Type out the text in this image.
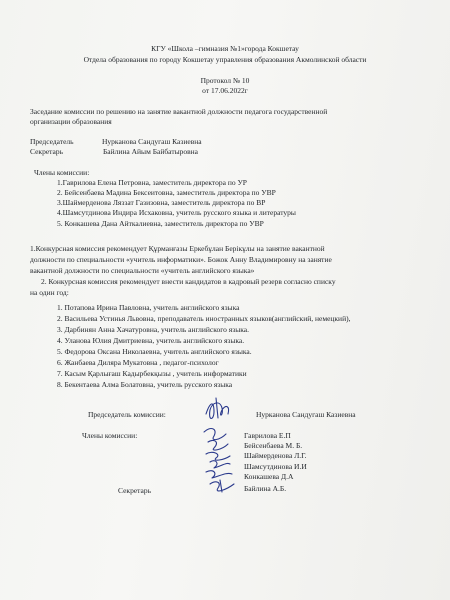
КГУ «Школа –гимназия №1»города Кокшетау
Отдела образования по городу Кокшетау управления образования Акмолинской области
Протокол № 10
от 17.06.2022г
Заседание комиссии по решению на занятие вакантной должности педагога государственной
организации образования
Председатель	Нурканова Сандугаш Казиевна
Секретарь	Байлина Айым Байбатыровна
Члены комиссии:
1.Гаврилова Елена Петровна, заместитель директора по УР
2. Бейсенбаева Мадина Бексеитовна, заместитель директора по УВР
3.Шаймерденова Ляззат Газизовна, заместитель директора по ВР
4.Шамсутдинова Индира Исхаковна, учитель русского языка и литературы
5. Конкашева Дана Айткалиевна, заместитель директора по УВР
1.Конкурсная комиссия рекомендует Құрманғазы Еркебұлан Берікұлы на занятие вакантной
должности по специальности «учитель информатики». Божок Анну Владимировну на занятие
вакантной должности по специальности «учитель английского языка»
2. Конкурсная комиссия рекомендует внести кандидатов в кадровый резерв согласно списку
на один год:
1. Потапова Ирина Павловна, учитель английского языка
2. Васильева Устинья Львовна, преподаватель иностранных языков(английский, немецкий),
3. Дарбинян Анна Хачатуровна, учитель английского языка.
4. Уланова Юлия Дмитриевна, учитель английского языка.
5. Федорова Оксана Николаевна, учитель английского языка.
6. Жанбаева Диляра Мукатовна , педагог-психолог
7. Касым Қарлығаш Кадырбекқызы , учитель информатики
8. Бекентаева Алма Болатовна, учитель русского языка
Председатель комиссии:	Нурканова Сандугаш Казиевна
Члены комиссии:	Гаврилова Е.П
Бейсенбаева М. Б.
Шаймерденова Л.Г.
Шамсутдинова И.И
Конкашева Д.А
Секретарь	Байлина А.Б.
